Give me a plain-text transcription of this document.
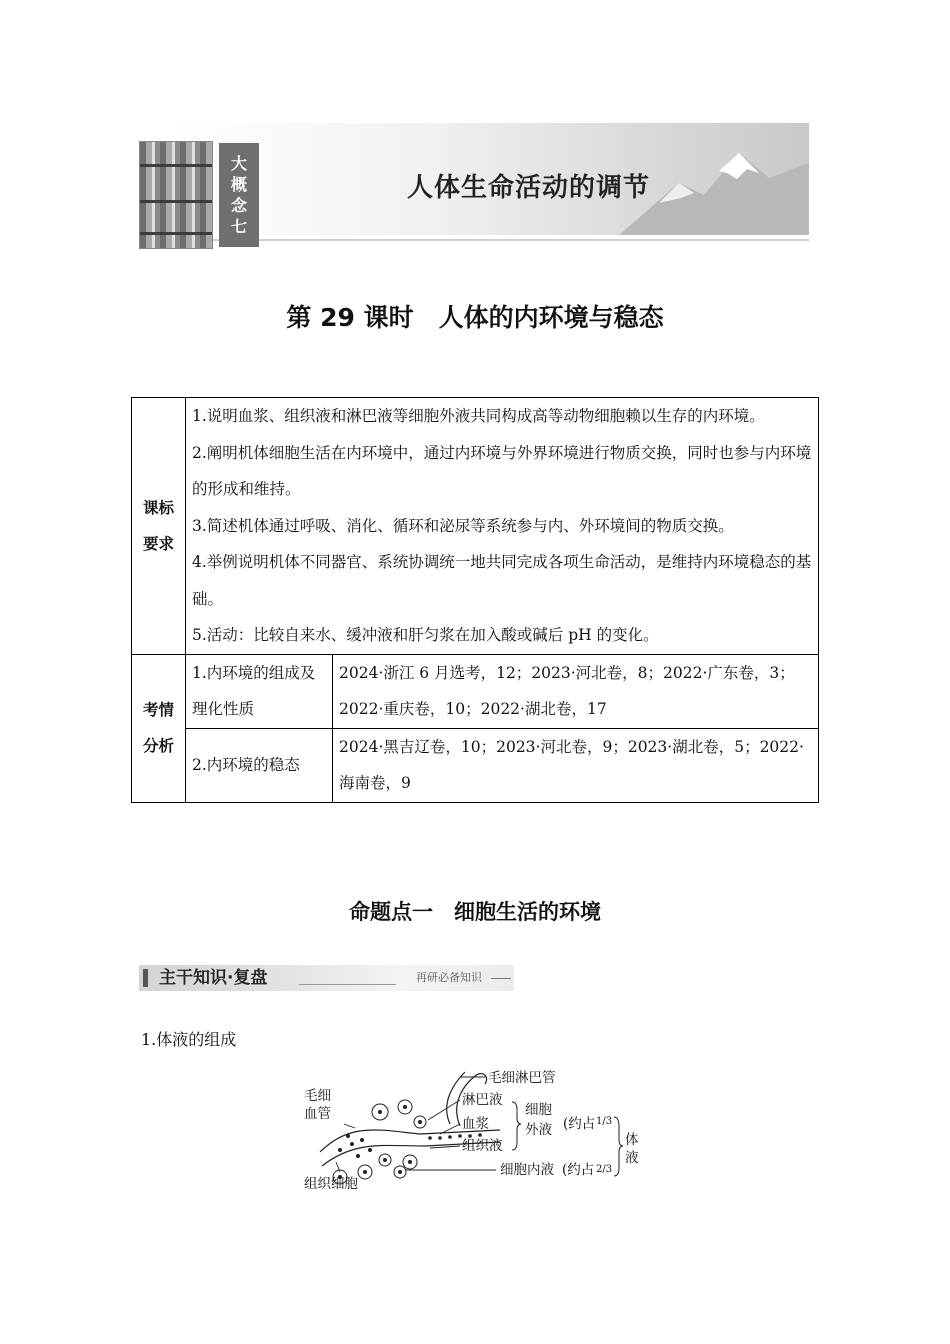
大
概
念
七
人体生命活动的调节
第 29 课时　人体的内环境与稳态
课标要求	1.说明血浆、组织液和淋巴液等细胞外液共同构成高等动物细胞赖以生存的内环境。
2.阐明机体细胞生活在内环境中，通过内环境与外界环境进行物质交换，同时也参与内环境的形成和维持。
3.简述机体通过呼吸、消化、循环和泌尿等系统参与内、外环境间的物质交换。
4.举例说明机体不同器官、系统协调统一地共同完成各项生命活动，是维持内环境稳态的基础。
5.活动：比较自来水、缓冲液和肝匀浆在加入酸或碱后 pH 的变化。	

考情分析	1.内环境的组成及理化性质	2024·浙江 6 月选考，12；2023·河北卷，8；2022·广东卷，3；2022·重庆卷，10；2022·湖北卷，17
	2.内环境的稳态	2024·黑吉辽卷，10；2023·河北卷，9；2023·湖北卷，5；2022·海南卷，9
命题点一　细胞生活的环境
主干知识·复盘	再研必备知识
1.体液的组成
毛细
血管
组织细胞
毛细淋巴管
淋巴液
血浆
组织液
细胞内液
细胞
外液 (约占 1/3
(约占 2/3
体
液
